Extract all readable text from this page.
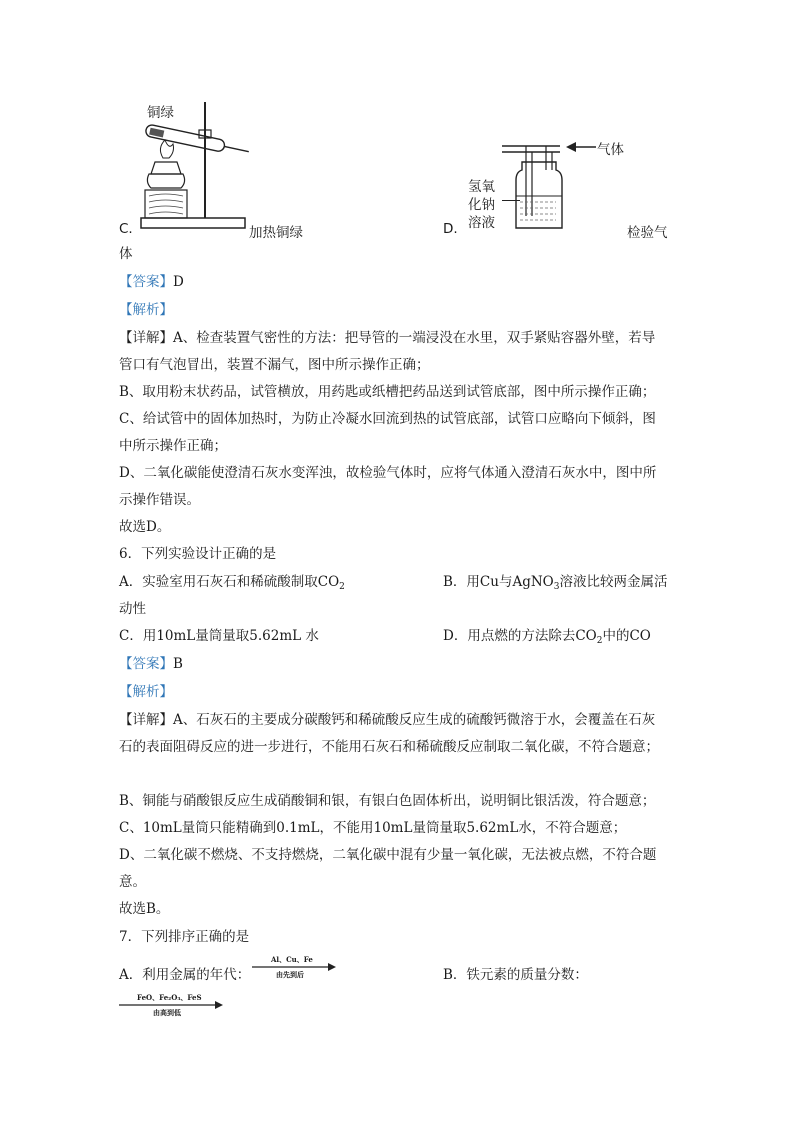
铜绿
C.	加热铜绿
气体
氢氧
化钠
溶液
D.	检验气
体
【答案】D
【解析】
【详解】A、检查装置气密性的方法：把导管的一端浸没在水里，双手紧贴容器外壁，若导
管口有气泡冒出，装置不漏气，图中所示操作正确；
B、取用粉末状药品，试管横放，用药匙或纸槽把药品送到试管底部，图中所示操作正确；
C、给试管中的固体加热时，为防止冷凝水回流到热的试管底部，试管口应略向下倾斜，图
中所示操作正确；
D、二氧化碳能使澄清石灰水变浑浊，故检验气体时，应将气体通入澄清石灰水中，图中所
示操作错误。
故选D。
6．下列实验设计正确的是
A．实验室用石灰石和稀硫酸制取$CO_2$	B．用Cu与AgNO$_3$溶液比较两金属活
动性
C．用10mL量筒量取5.62mL 水	D．用点燃的方法除去$CO_2$中的CO
【答案】B
【解析】
【详解】A、石灰石的主要成分碳酸钙和稀硫酸反应生成的硫酸钙微溶于水，会覆盖在石灰
石的表面阻碍反应的进一步进行，不能用石灰石和稀硫酸反应制取二氧化碳，不符合题意；
B、铜能与硝酸银反应生成硝酸铜和银，有银白色固体析出，说明铜比银活泼，符合题意；
C、10mL量筒只能精确到0.1mL，不能用10mL量筒量取5.62mL水，不符合题意；
D、二氧化碳不燃烧、不支持燃烧，二氧化碳中混有少量一氧化碳，无法被点燃，不符合题
意。
故选B。
7．下列排序正确的是
A．利用金属的年代：
Al、Cu、Fe
由先到后	B．铁元素的质量分数：
FeO、Fe₂O₃、FeS
由高到低
